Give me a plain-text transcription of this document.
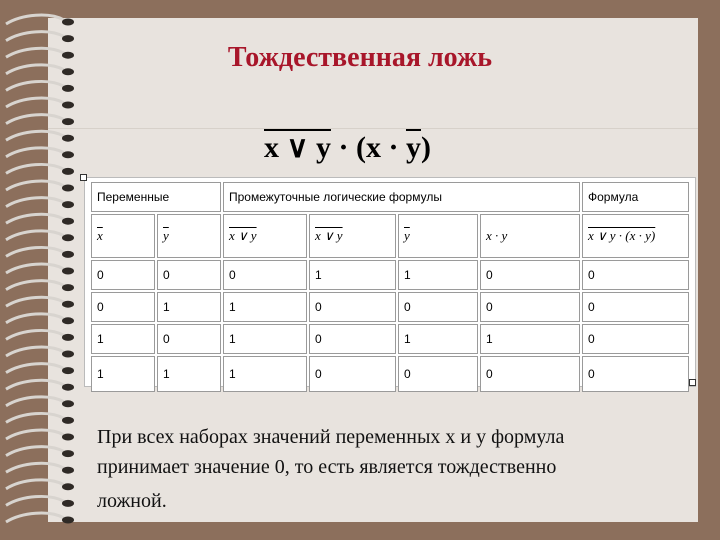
Тождественная ложь
x ∨ $y \cdot (x \cdot \overline{y})$
Переменные		Промежуточные логические формулы				Формула
$\overline{x}$	$\overline{y}$	x ∨ y	x ∨ y	$\overline{y}$	x · y	x ∨ y · (x · y)
0	0	0	1	1	0	0
0	1	1	0	0	0	0
1	0	1	0	1	1	0
1	1	1	0	0	0	0
При всех наборах значений переменных х и у формула
принимает значение 0, то есть является тождественно
ложной.
